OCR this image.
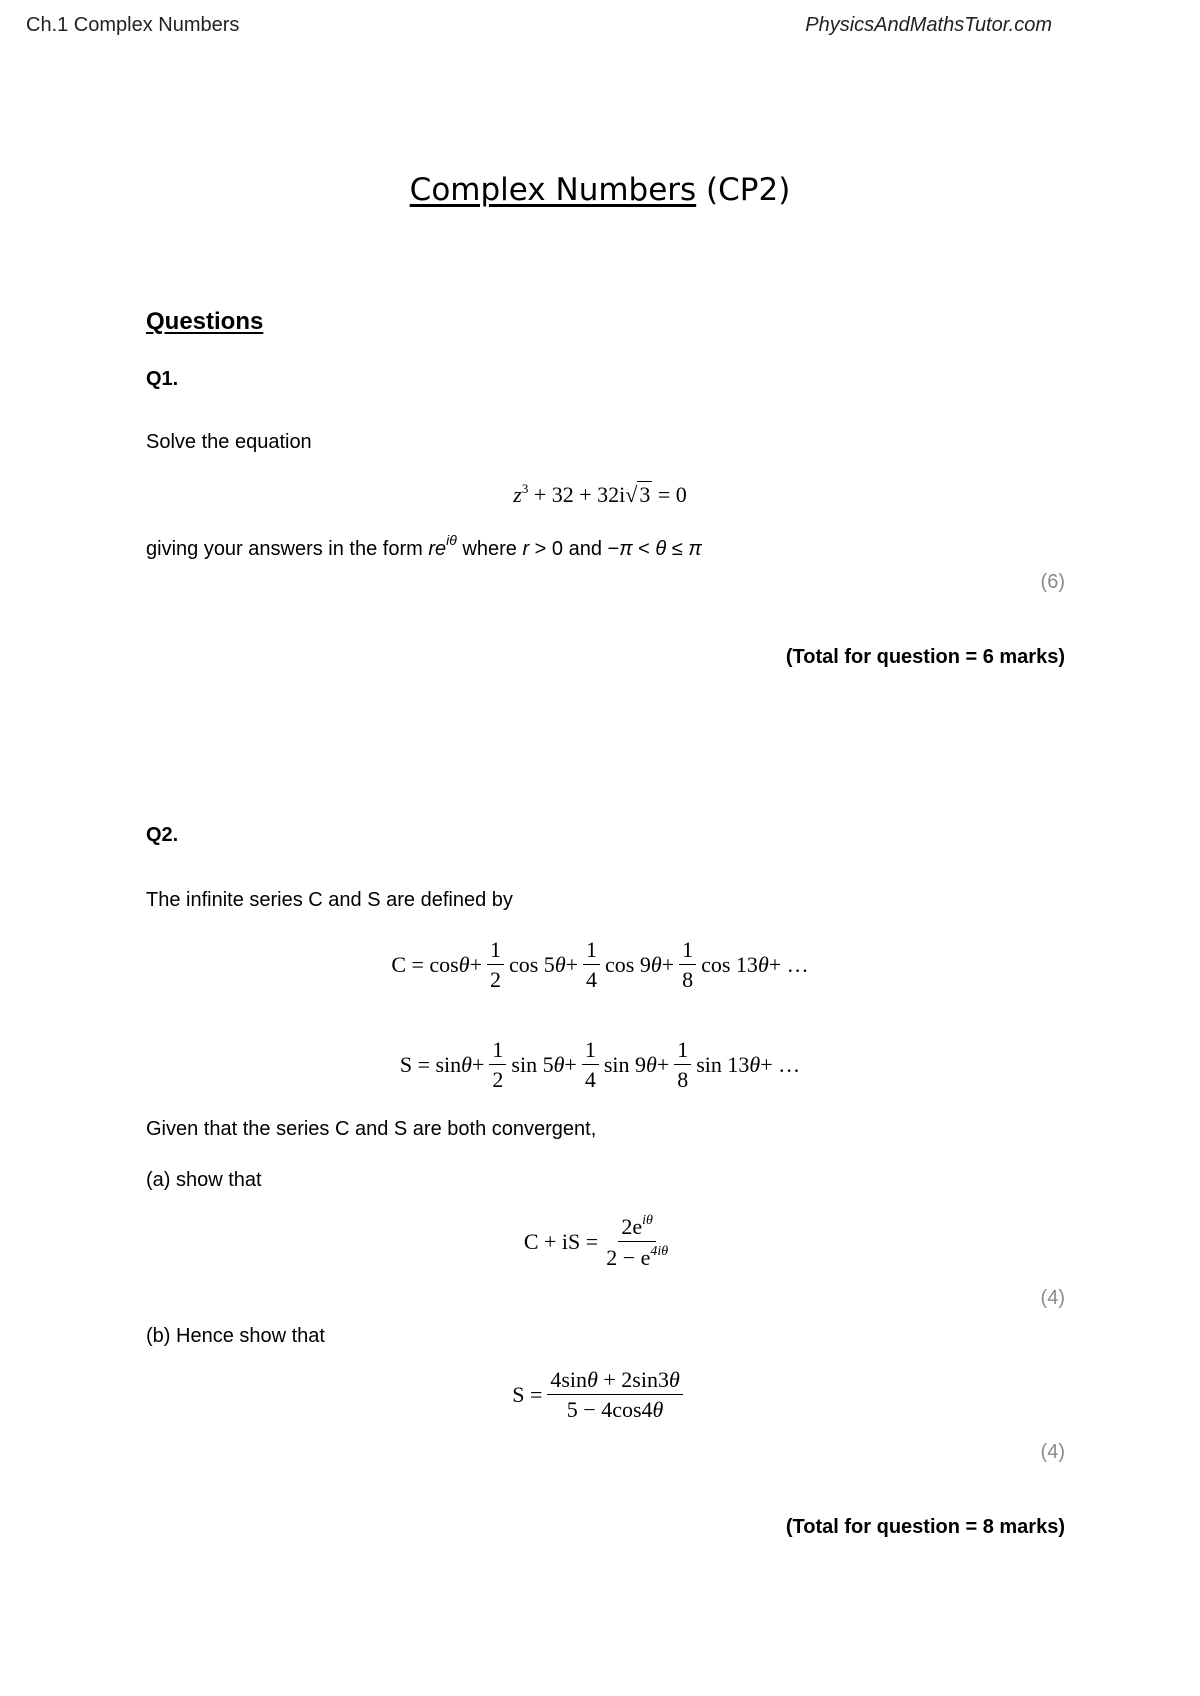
Ch.1 Complex Numbers	PhysicsAndMathsTutor.com
Complex Numbers (CP2)
Questions
Q1.
Solve the equation
$z^3 + 32 + 32i√3 = 0$
giving your answers in the form $re^{i\theta}$ where r > 0 and −π < θ ≤ π
(6)
(Total for question = 6 marks)
Q2.
The infinite series C and S are defined by
$C = \cos \theta + \frac{1}{2}$ cos 5 $\theta + \frac{1}{4}$ cos 9 $\theta + \frac{1}{8}$ cos 13 θ + …
$S = \sin \theta + \frac{1}{2}$ sin 5 $\theta + \frac{1}{4}$ sin 9 $\theta + \frac{1}{8}$ sin 13 θ + …
Given that the series C and S are both convergent,
(a) show that
C + iS = $\frac{2e^{i\theta}}{2 - e^{4i\theta}}$
(4)
(b) Hence show that
$S = \frac{4\sin\theta + 2\sin 3\theta}{5 - 4\cos 4\theta}$
(4)
(Total for question = 8 marks)
